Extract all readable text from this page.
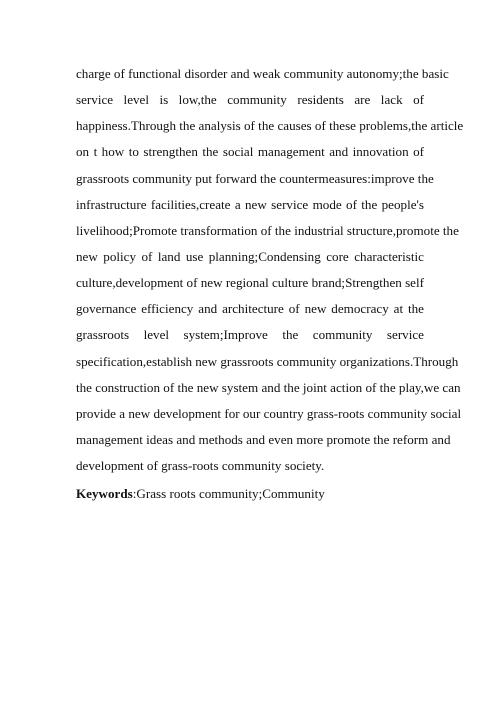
charge of functional disorder and weak community autonomy;the basic
service level is low,the community residents are lack of
happiness.Through the analysis of the causes of these problems,the article
on t how to strengthen the social management and innovation of
grassroots community put forward the countermeasures:improve the
infrastructure facilities,create a new service mode of the people's
livelihood;Promote transformation of the industrial structure,promote the
new policy of land use planning;Condensing core characteristic
culture,development of new regional culture brand;Strengthen self
governance efficiency and architecture of new democracy at the
grassroots level system;Improve the community service
specification,establish new grassroots community organizations.Through
the construction of the new system and the joint action of the play,we can
provide a new development for our country grass-roots community social
management ideas and methods and even more promote the reform and
development of grass-roots community society.
Keywords:Grass roots community;Community
